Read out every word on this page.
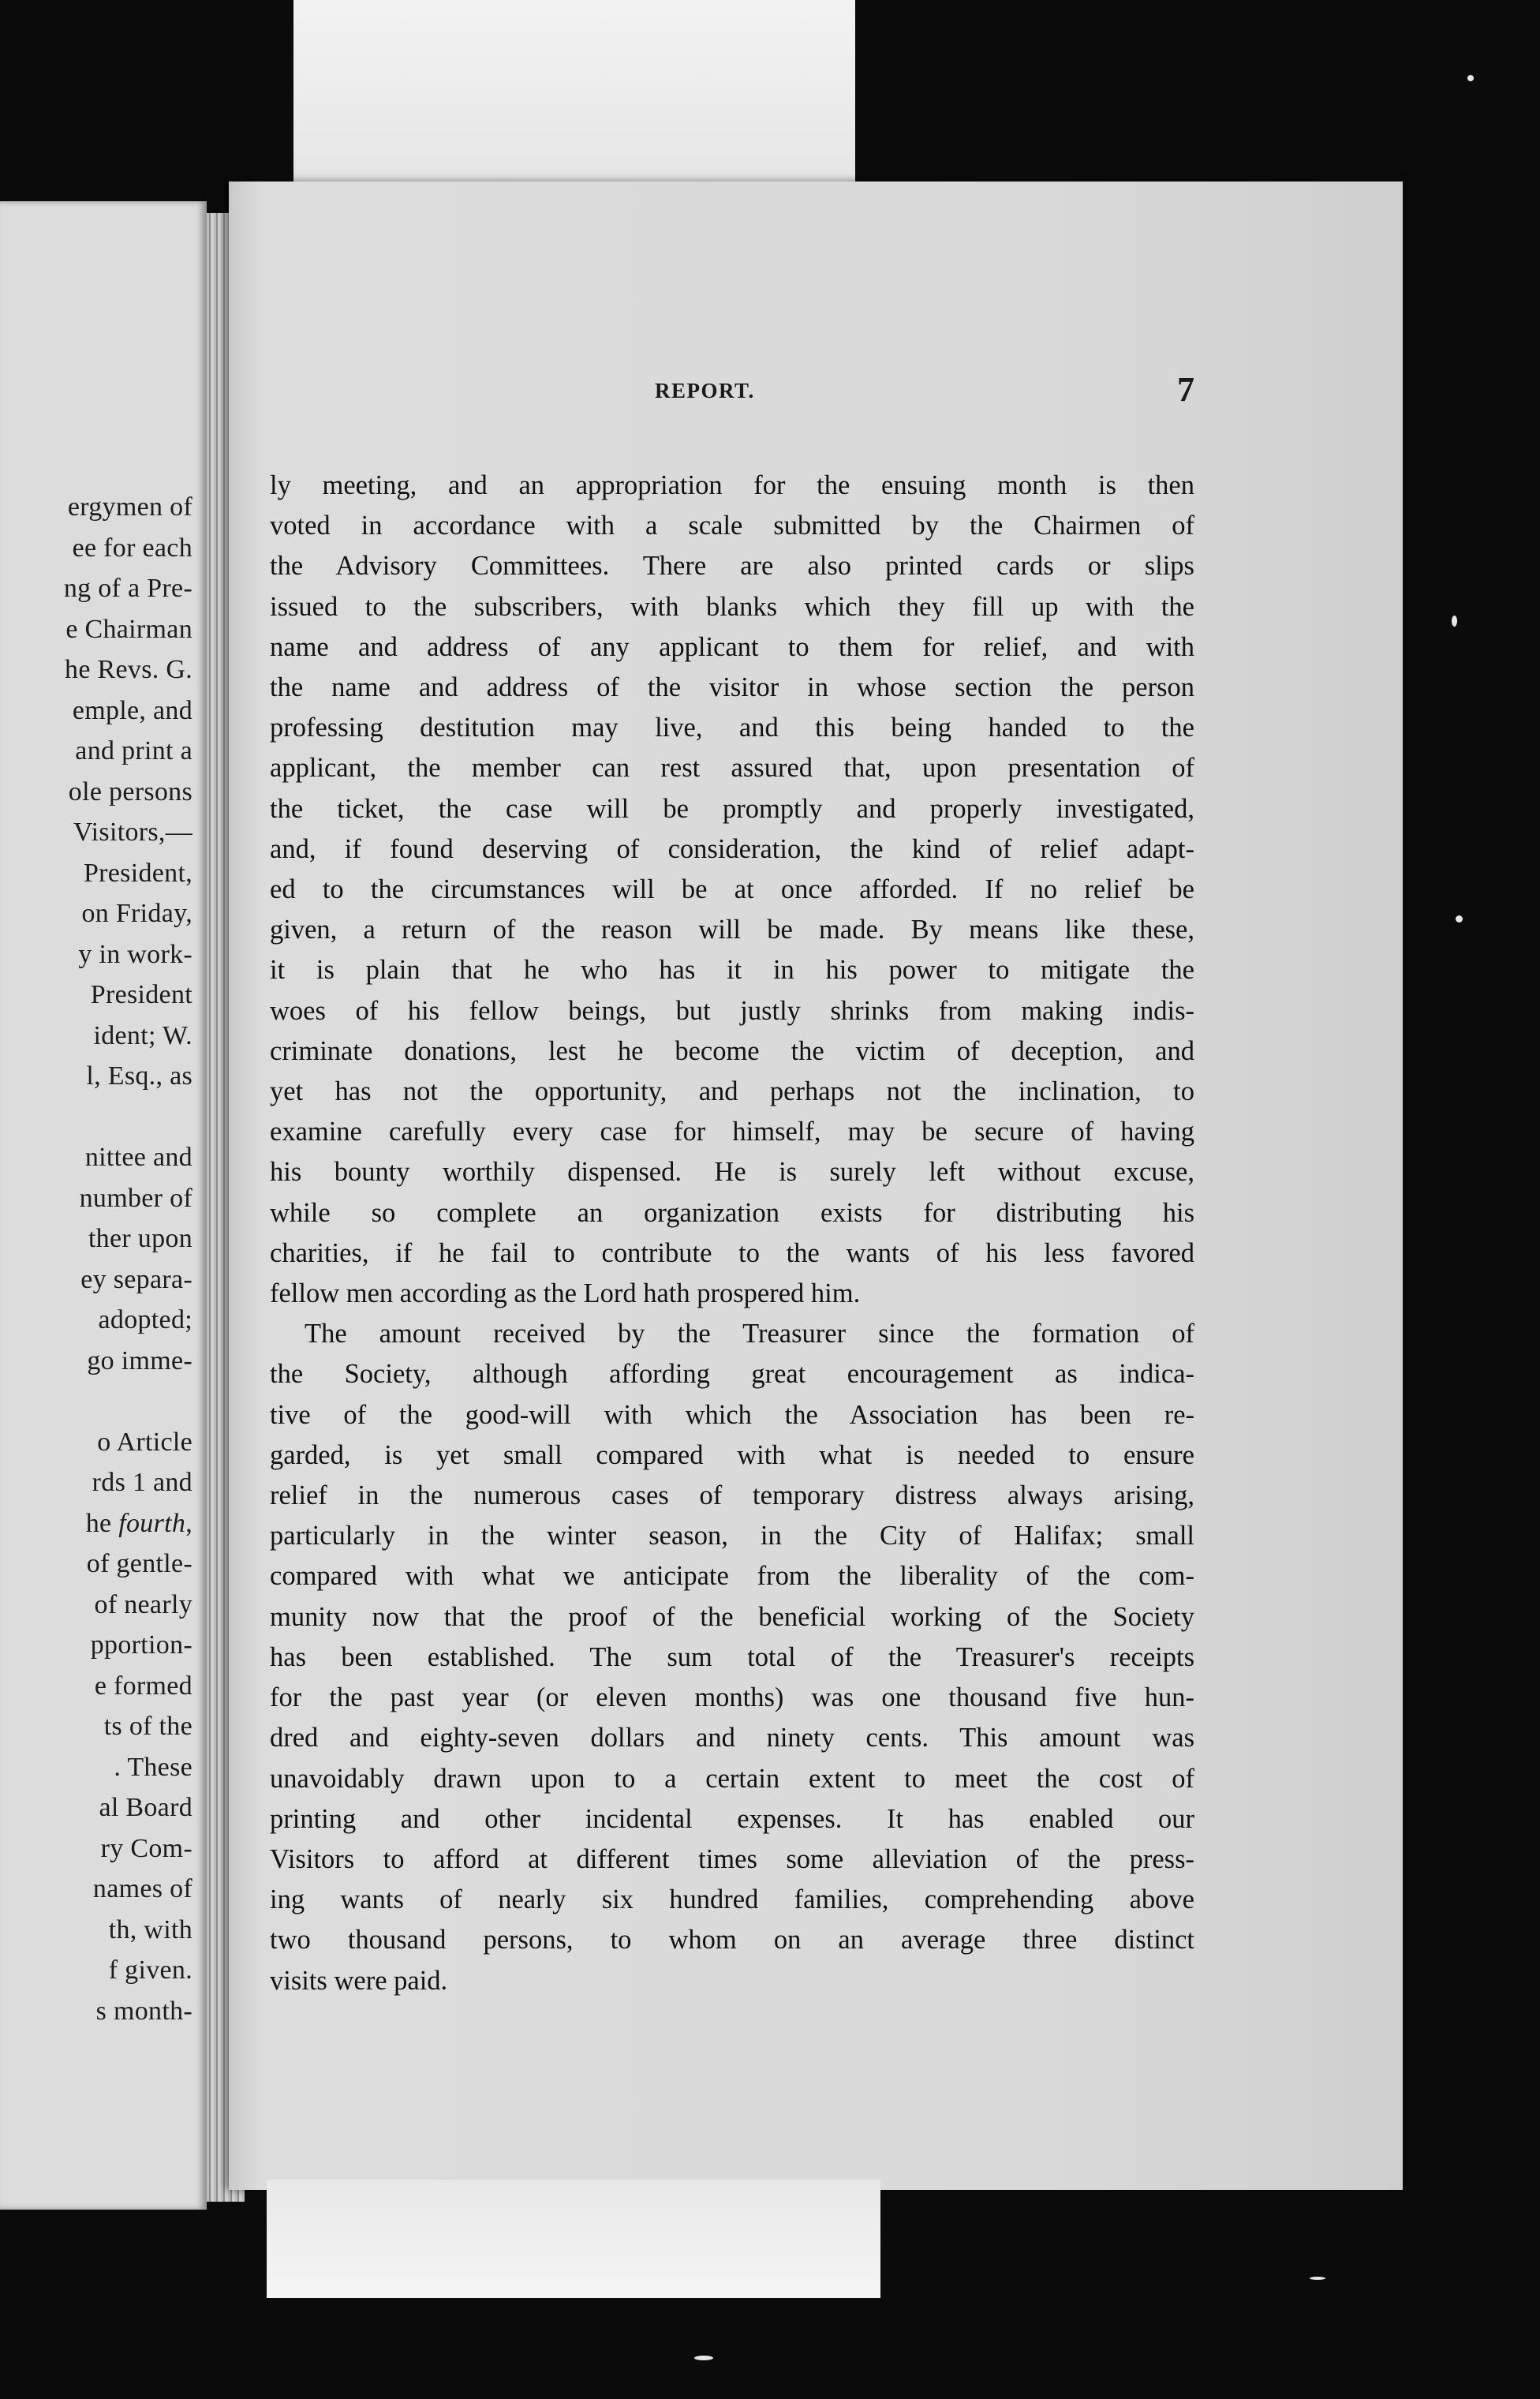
ergymen of
ee for each
ng of a Pre-
e Chairman
he Revs. G.
emple, and
and print a
ole persons
Visitors,—
President,
on Friday,
y in work-
President
ident; W.
l, Esq., as
nittee and
number of
ther upon
ey separa-
adopted;
go imme-
o Article
rds 1 and
he fourth,
of gentle-
of nearly
pportion-
e formed
ts of the
. These
al Board
ry Com-
names of
th, with
f given.
s month-
REPORT.	7
ly meeting, and an appropriation for the ensuing month is then
voted in accordance with a scale submitted by the Chairmen of
the Advisory Committees. There are also printed cards or slips
issued to the subscribers, with blanks which they fill up with the
name and address of any applicant to them for relief, and with
the name and address of the visitor in whose section the person
professing destitution may live, and this being handed to the
applicant, the member can rest assured that, upon presentation of
the ticket, the case will be promptly and properly investigated,
and, if found deserving of consideration, the kind of relief adapt-
ed to the circumstances will be at once afforded. If no relief be
given, a return of the reason will be made. By means like these,
it is plain that he who has it in his power to mitigate the
woes of his fellow beings, but justly shrinks from making indis-
criminate donations, lest he become the victim of deception, and
yet has not the opportunity, and perhaps not the inclination, to
examine carefully every case for himself, may be secure of having
his bounty worthily dispensed. He is surely left without excuse,
while so complete an organization exists for distributing his
charities, if he fail to contribute to the wants of his less favored
fellow men according as the Lord hath prospered him.
The amount received by the Treasurer since the formation of
the Society, although affording great encouragement as indica-
tive of the good-will with which the Association has been re-
garded, is yet small compared with what is needed to ensure
relief in the numerous cases of temporary distress always arising,
particularly in the winter season, in the City of Halifax; small
compared with what we anticipate from the liberality of the com-
munity now that the proof of the beneficial working of the Society
has been established. The sum total of the Treasurer's receipts
for the past year (or eleven months) was one thousand five hun-
dred and eighty-seven dollars and ninety cents. This amount was
unavoidably drawn upon to a certain extent to meet the cost of
printing and other incidental expenses. It has enabled our
Visitors to afford at different times some alleviation of the press-
ing wants of nearly six hundred families, comprehending above
two thousand persons, to whom on an average three distinct
visits were paid.
